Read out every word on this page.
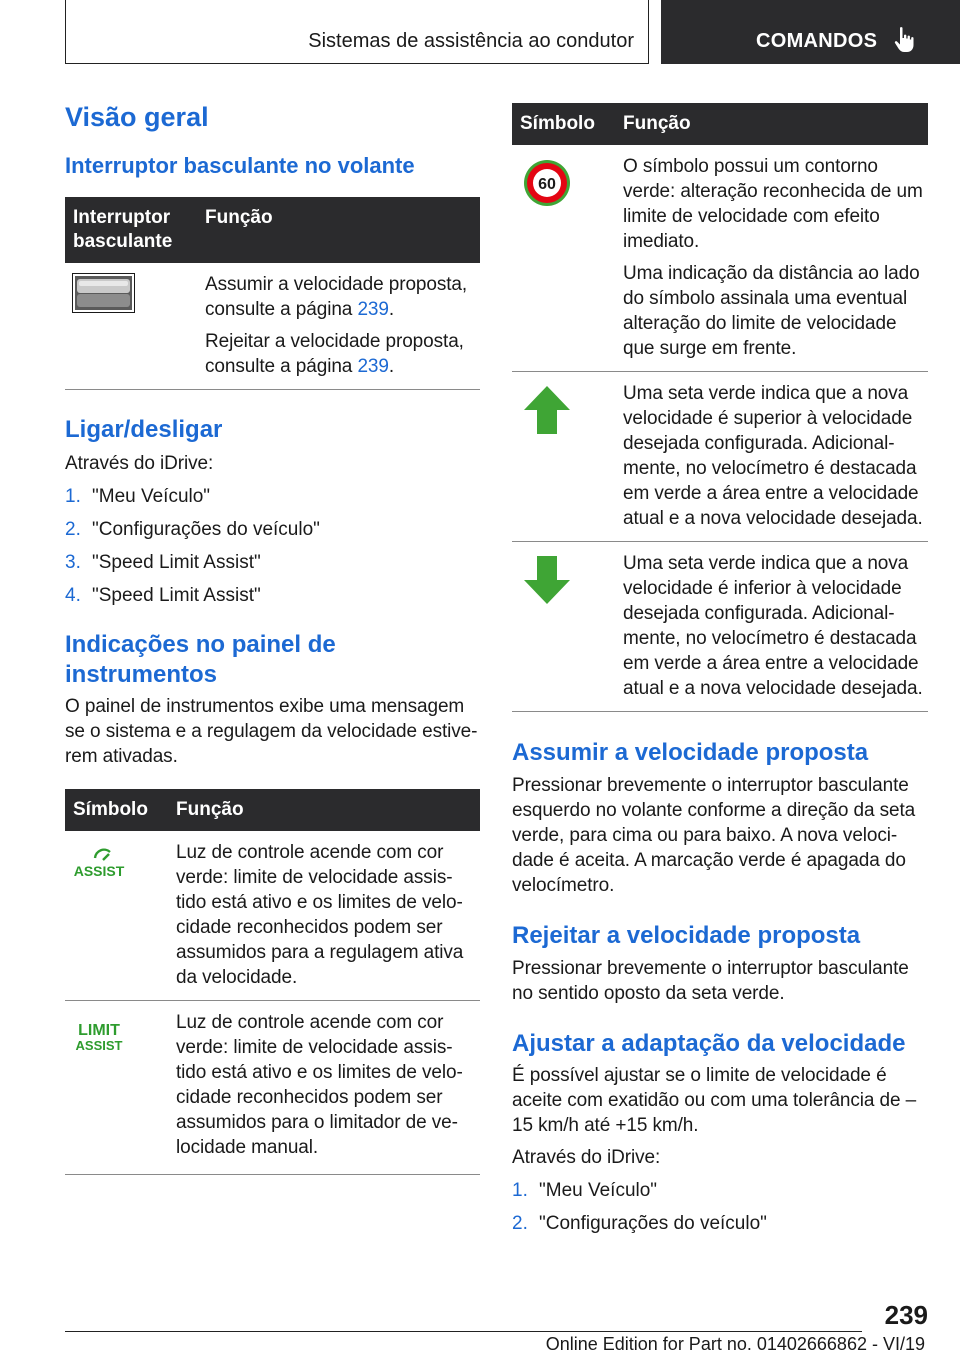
Sistemas de assistência ao condutor	COMANDOS
Visão geral
Interruptor basculante no volante
Interruptor basculante	Função

Assumir a velocidade proposta, consulte a página 239.

Rejeitar a velocidade proposta, consulte a página 239.

Ligar/desligar

Através do iDrive:

1. "Meu Veículo"
2. "Configurações do veículo"
3. "Speed Limit Assist"
4. "Speed Limit Assist"
Indicações no painel de instrumentos

O painel de instrumentos exibe uma mensagem se o sistema e a regulagem da velocidade estiverem ativadas.

Símbolo	Função

ASSIST	Luz de controle acende com cor verde: limite de velocidade assistido está ativo e os limites de velocidade reconhecidos podem ser assumidos para a regulagem ativa da velocidade.

LIMIT
ASSIST	Luz de controle acende com cor verde: limite de velocidade assistido está ativo e os limites de velocidade reconhecidos podem ser assumidos para o limitador de velocidade manual.
Símbolo	Função

60	O símbolo possui um contorno verde: alteração reconhecida de um limite de velocidade com efeito imediato.

Uma indicação da distância ao lado do símbolo assinala uma eventual alteração do limite de velocidade que surge em frente.

	Uma seta verde indica que a nova velocidade é superior à velocidade desejada configurada. Adicionalmente, no velocímetro é destacada em verde a área entre a velocidade atual e a nova velocidade desejada.
	Uma seta verde indica que a nova velocidade é inferior à velocidade desejada configurada. Adicionalmente, no velocímetro é destacada em verde a área entre a velocidade atual e a nova velocidade desejada.
Assumir a velocidade proposta

Pressionar brevemente o interruptor basculante esquerdo no volante conforme a direção da seta verde, para cima ou para baixo. A nova velocidade é aceita. A marcação verde é apagada do velocímetro.

Rejeitar a velocidade proposta

Pressionar brevemente o interruptor basculante no sentido oposto da seta verde.

Ajustar a adaptação da velocidade

É possível ajustar se o limite de velocidade é aceite com exatidão ou com uma tolerância de –15 km/h até +15 km/h.

Através do iDrive:

1. "Meu Veículo"
2. "Configurações do veículo"
239
Online Edition for Part no. 01402666862 - VI/19
